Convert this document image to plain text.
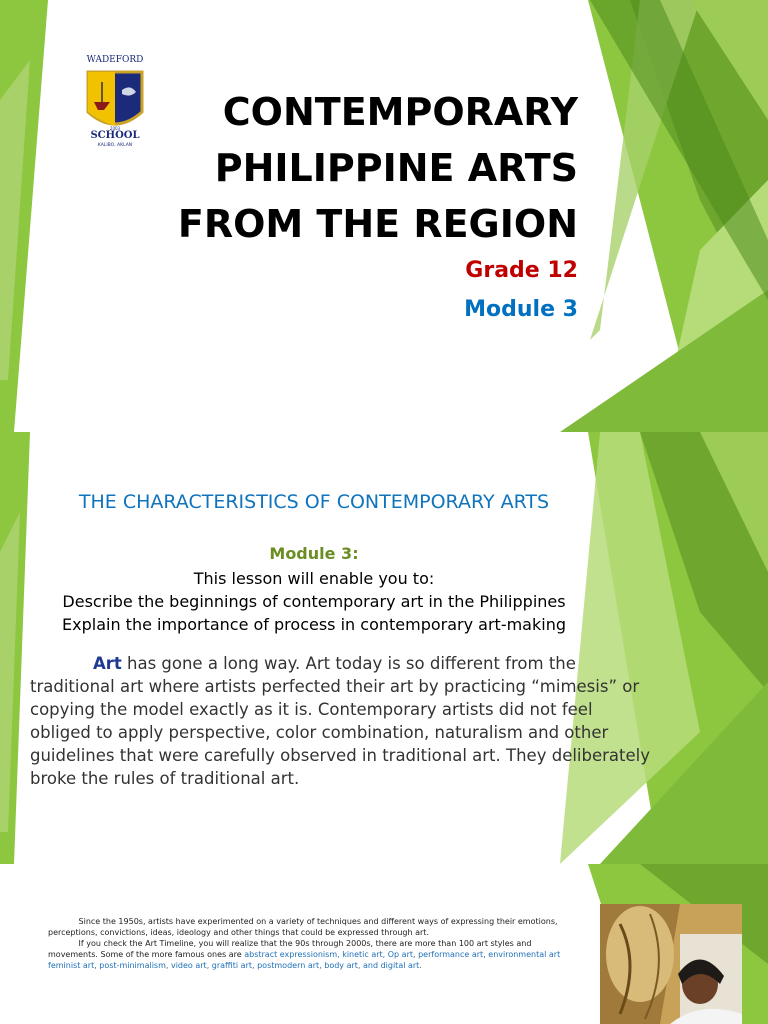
WADEFORD
SCHOOL
KALIBO, AKLAN
2003	CONTEMPORARY
PHILIPPINE ARTS
FROM THE REGION
Grade 12
Module 3
THE CHARACTERISTICS OF CONTEMPORARY ARTS
Module 3:
This lesson will enable you to:
Describe the beginnings of contemporary art in the Philippines
Explain the importance of process in contemporary art-making
Art has gone a long way. Art today is so different from the traditional art where artists perfected their art by practicing “mimesis” or copying the model exactly as it is. Contemporary artists did not feel obliged to apply perspective, color combination, naturalism and other guidelines that were carefully observed in traditional art. They deliberately broke the rules of traditional art.
Since the 1950s, artists have experimented on a variety of techniques and different ways of expressing their emotions, perceptions, convictions, ideas, ideology and other things that could be expressed through art.
If you check the Art Timeline, you will realize that the 90s through 2000s, there are more than 100 art styles and movements. Some of the more famous ones are abstract expressionism, kinetic art, Op art, performance art, environmental art feminist art, post-minimalism, video art, graffiti art, postmodern art, body art, and digital art.
